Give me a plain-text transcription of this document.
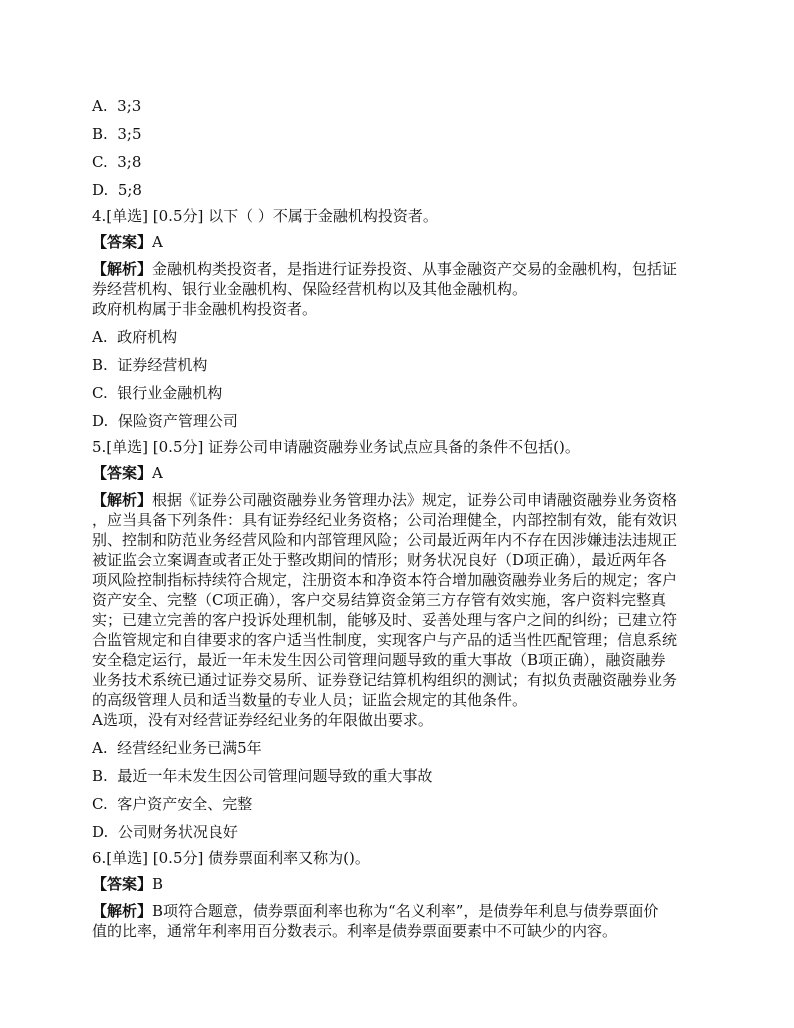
A.
3;3
B.
3;5
C.
3;8
D.
5;8
4.[单选] [0.5分] 以下（ ）不属于金融机构投资者。
【答案】 A

【解析】金融机构类投资者，是指进行证券投资、从事金融资产交易的金融机构，包括证

券经营机构、银行业金融机构、保险经营机构以及其他金融机构。

政府机构属于非金融机构投资者。

A.
政府机构
B.
证券经营机构
C.
银行业金融机构
D.
保险资产管理公司
5.[单选] [0.5分] 证券公司申请融资融券业务试点应具备的条件不包括()。
【答案】 A

【解析】根据《证券公司融资融券业务管理办法》规定，证券公司申请融资融券业务资格

，应当具备下列条件：具有证券经纪业务资格；公司治理健全，内部控制有效，能有效识

别、控制和防范业务经营风险和内部管理风险；公司最近两年内不存在因涉嫌违法违规正

被证监会立案调查或者正处于整改期间的情形；财务状况良好（D项正确），最近两年各

项风险控制指标持续符合规定，注册资本和净资本符合增加融资融券业务后的规定；客户

资产安全、完整（C项正确），客户交易结算资金第三方存管有效实施，客户资料完整真

实；已建立完善的客户投诉处理机制，能够及时、妥善处理与客户之间的纠纷；已建立符

合监管规定和自律要求的客户适当性制度，实现客户与产品的适当性匹配管理；信息系统

安全稳定运行，最近一年未发生因公司管理问题导致的重大事故（B项正确），融资融券

业务技术系统已通过证券交易所、证券登记结算机构组织的测试；有拟负责融资融券业务

的高级管理人员和适当数量的专业人员；证监会规定的其他条件。

A选项，没有对经营证券经纪业务的年限做出要求。

A.
经营经纪业务已满5年
B.
最近一年未发生因公司管理问题导致的重大事故
C.
客户资产安全、完整
D.
公司财务状况良好
6.[单选] [0.5分] 债券票面利率又称为()。
【答案】 B

【解析】B项符合题意，债券票面利率也称为“名义利率”，是债券年利息与债券票面价

值的比率，通常年利率用百分数表示。利率是债券票面要素中不可缺少的内容。
